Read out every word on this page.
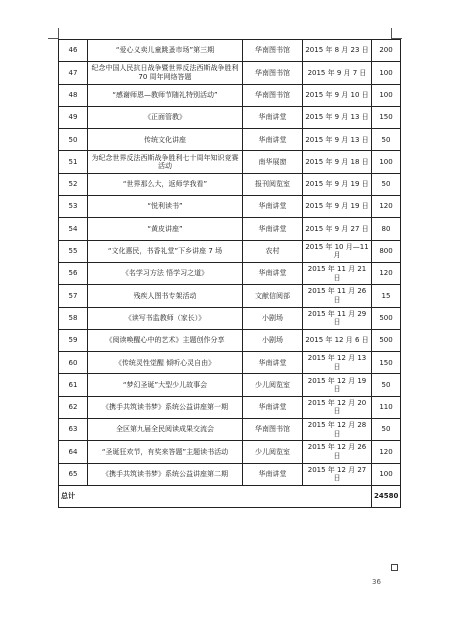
46	“爱心义卖儿童跳蚤市场”第三期	华南图书馆	2015 年 8 月 23 日	200
47	纪念中国人民抗日战争暨世界反法西斯战争胜利 70 周年网络答题	华南图书馆	2015 年 9 月 7 日	100
48	“感谢师恩—教师节随礼特别活动”	华南图书馆	2015 年 9 月 10 日	100
49	《正面管教》	华南讲堂	2015 年 9 月 13 日	150
50	传统文化讲座	华南讲堂	2015 年 9 月 13 日	50
51	为纪念世界反法西斯战争胜利七十周年知识竞赛活动	南华展窗	2015 年 9 月 18 日	100
52	“世界那么大，返师学我看”	报刊阅览室	2015 年 9 月 19 日	50
53	“悦利读书”	华南讲堂	2015 年 9 月 19 日	120
54	“黄皮讲座”	华南讲堂	2015 年 9 月 27 日	80
55	“文化惠民，书香礼堂”下乡讲座 7 场	农村	2015 年 10 月—11 月	800
56	《名学习方法 悟学习之道》	华南讲堂	2015 年 11 月 21 日	120
57	残疾人图书专架活动	文献信阅部	2015 年 11 月 26 日	15
58	《读写书监教师（家长）》	小剧场	2015 年 11 月 29 日	500
59	《阅读唤醒心中的艺术》主题创作分享	小剧场	2015 年 12 月 6 日	500
60	《传统灵性觉醒 倾听心灵自由》	华南讲堂	2015 年 12 月 13 日	150
61	“梦幻圣诞”大型少儿故事会	少儿阅览室	2015 年 12 月 19 日	50
62	《携手共筑读书梦》系统公益讲座第一期	华南讲堂	2015 年 12 月 20 日	110
63	全区第九届全民阅读成果交流会	华南图书馆	2015 年 12 月 28 日	50
64	“圣诞狂欢节，有奖来答题”主题读书活动	少儿阅览室	2015 年 12 月 26 日	120
65	《携手共筑读书梦》系统公益讲座第二期	华南讲堂	2015 年 12 月 27 日	100
总计				24580
36
